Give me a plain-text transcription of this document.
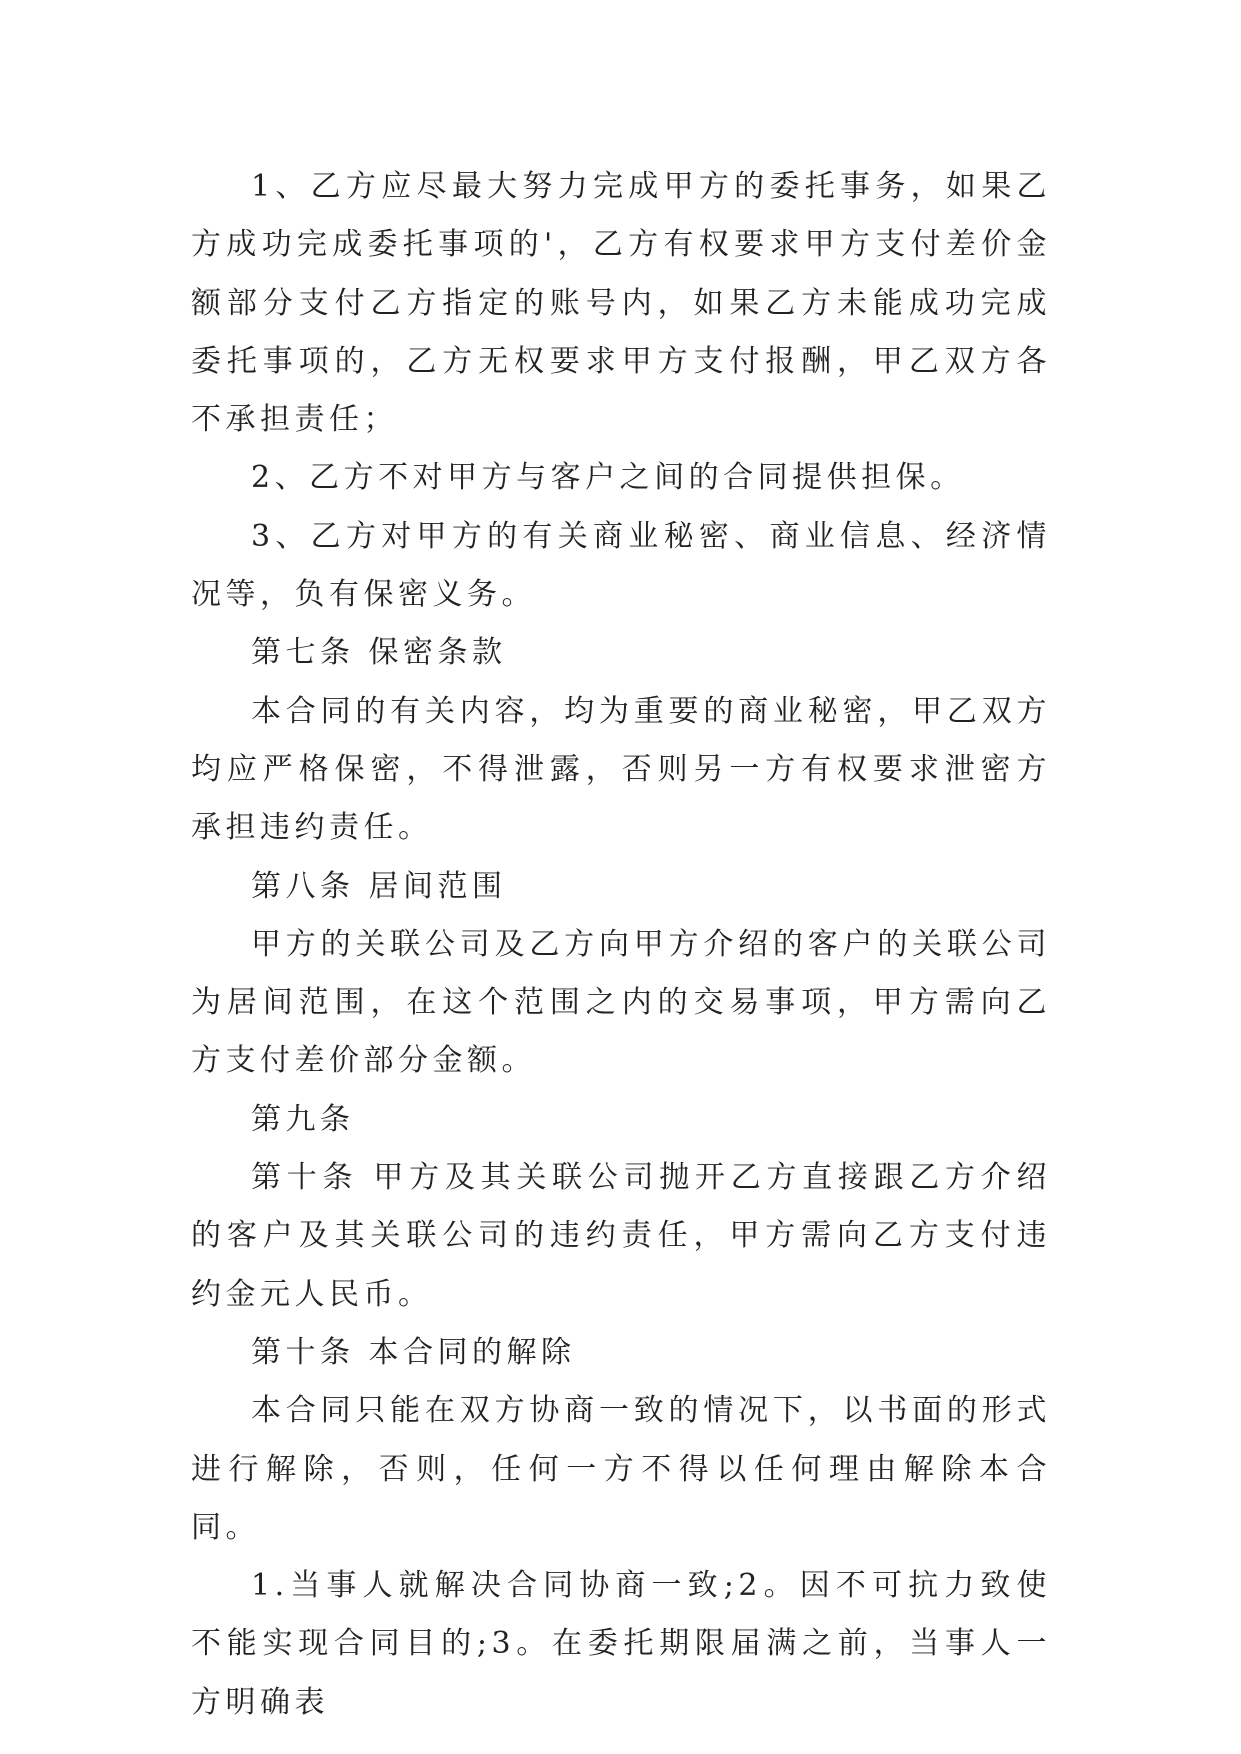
1、乙方应尽最大努力完成甲方的委托事务，如果乙方成功完成委托事项的'，乙方有权要求甲方支付差价金额部分支付乙方指定的账号内，如果乙方未能成功完成委托事项的，乙方无权要求甲方支付报酬，甲乙双方各不承担责任；

2、乙方不对甲方与客户之间的合同提供担保。

3、乙方对甲方的有关商业秘密、商业信息、经济情况等，负有保密义务。

第七条 保密条款

本合同的有关内容，均为重要的商业秘密，甲乙双方均应严格保密，不得泄露，否则另一方有权要求泄密方承担违约责任。

第八条 居间范围

甲方的关联公司及乙方向甲方介绍的客户的关联公司为居间范围，在这个范围之内的交易事项，甲方需向乙方支付差价部分金额。

第九条

第十条 甲方及其关联公司抛开乙方直接跟乙方介绍的客户及其关联公司的违约责任，甲方需向乙方支付违约金元人民币。

第十条 本合同的解除

本合同只能在双方协商一致的情况下，以书面的形式进行解除，否则，任何一方不得以任何理由解除本合同。

1.当事人就解决合同协商一致;2。因不可抗力致使不能实现合同目的;3。在委托期限届满之前，当事人一方明确表
